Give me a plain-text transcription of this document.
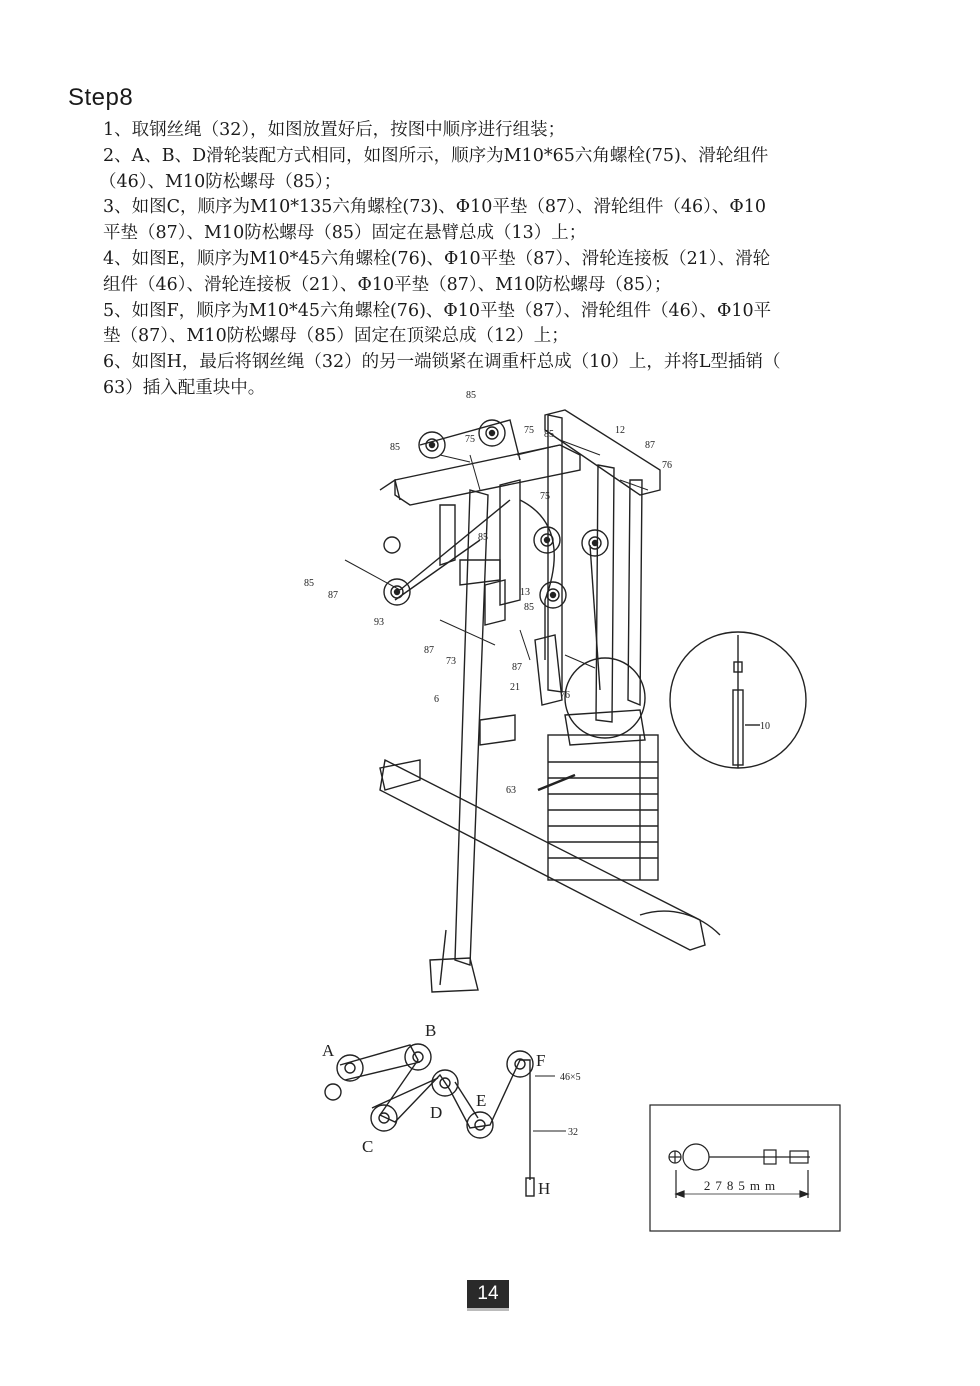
Step8

1、取钢丝绳（32），如图放置好后，按图中顺序进行组装；

2、A、B、D滑轮装配方式相同，如图所示，顺序为M10*65六角螺栓(75)、滑轮组件

（46）、M10防松螺母（85）；

3、如图C，顺序为M10*135六角螺栓(73)、Φ10平垫（87）、滑轮组件（46）、Φ10

平垫（87）、M10防松螺母（85）固定在悬臂总成（13）上；

4、如图E，顺序为M10*45六角螺栓(76)、Φ10平垫（87）、滑轮连接板（21）、滑轮

组件（46）、滑轮连接板（21）、Φ10平垫（87）、M10防松螺母（85）；

5、如图F，顺序为M10*45六角螺栓(76)、Φ10平垫（87）、滑轮组件（46）、Φ10平

垫（87）、M10防松螺母（85）固定在顶梁总成（12）上；

6、如图H，最后将钢丝绳（32）的另一端锁紧在调重杆总成（10）上，并将L型插销（

63）插入配重块中。	85
85
75
75 85	12
87
76
75
85
13
85
87
93
87
73
85
87
21
76
6
63
10
A
B
C
D
E
F
H
46×5
32
2785mm
14
